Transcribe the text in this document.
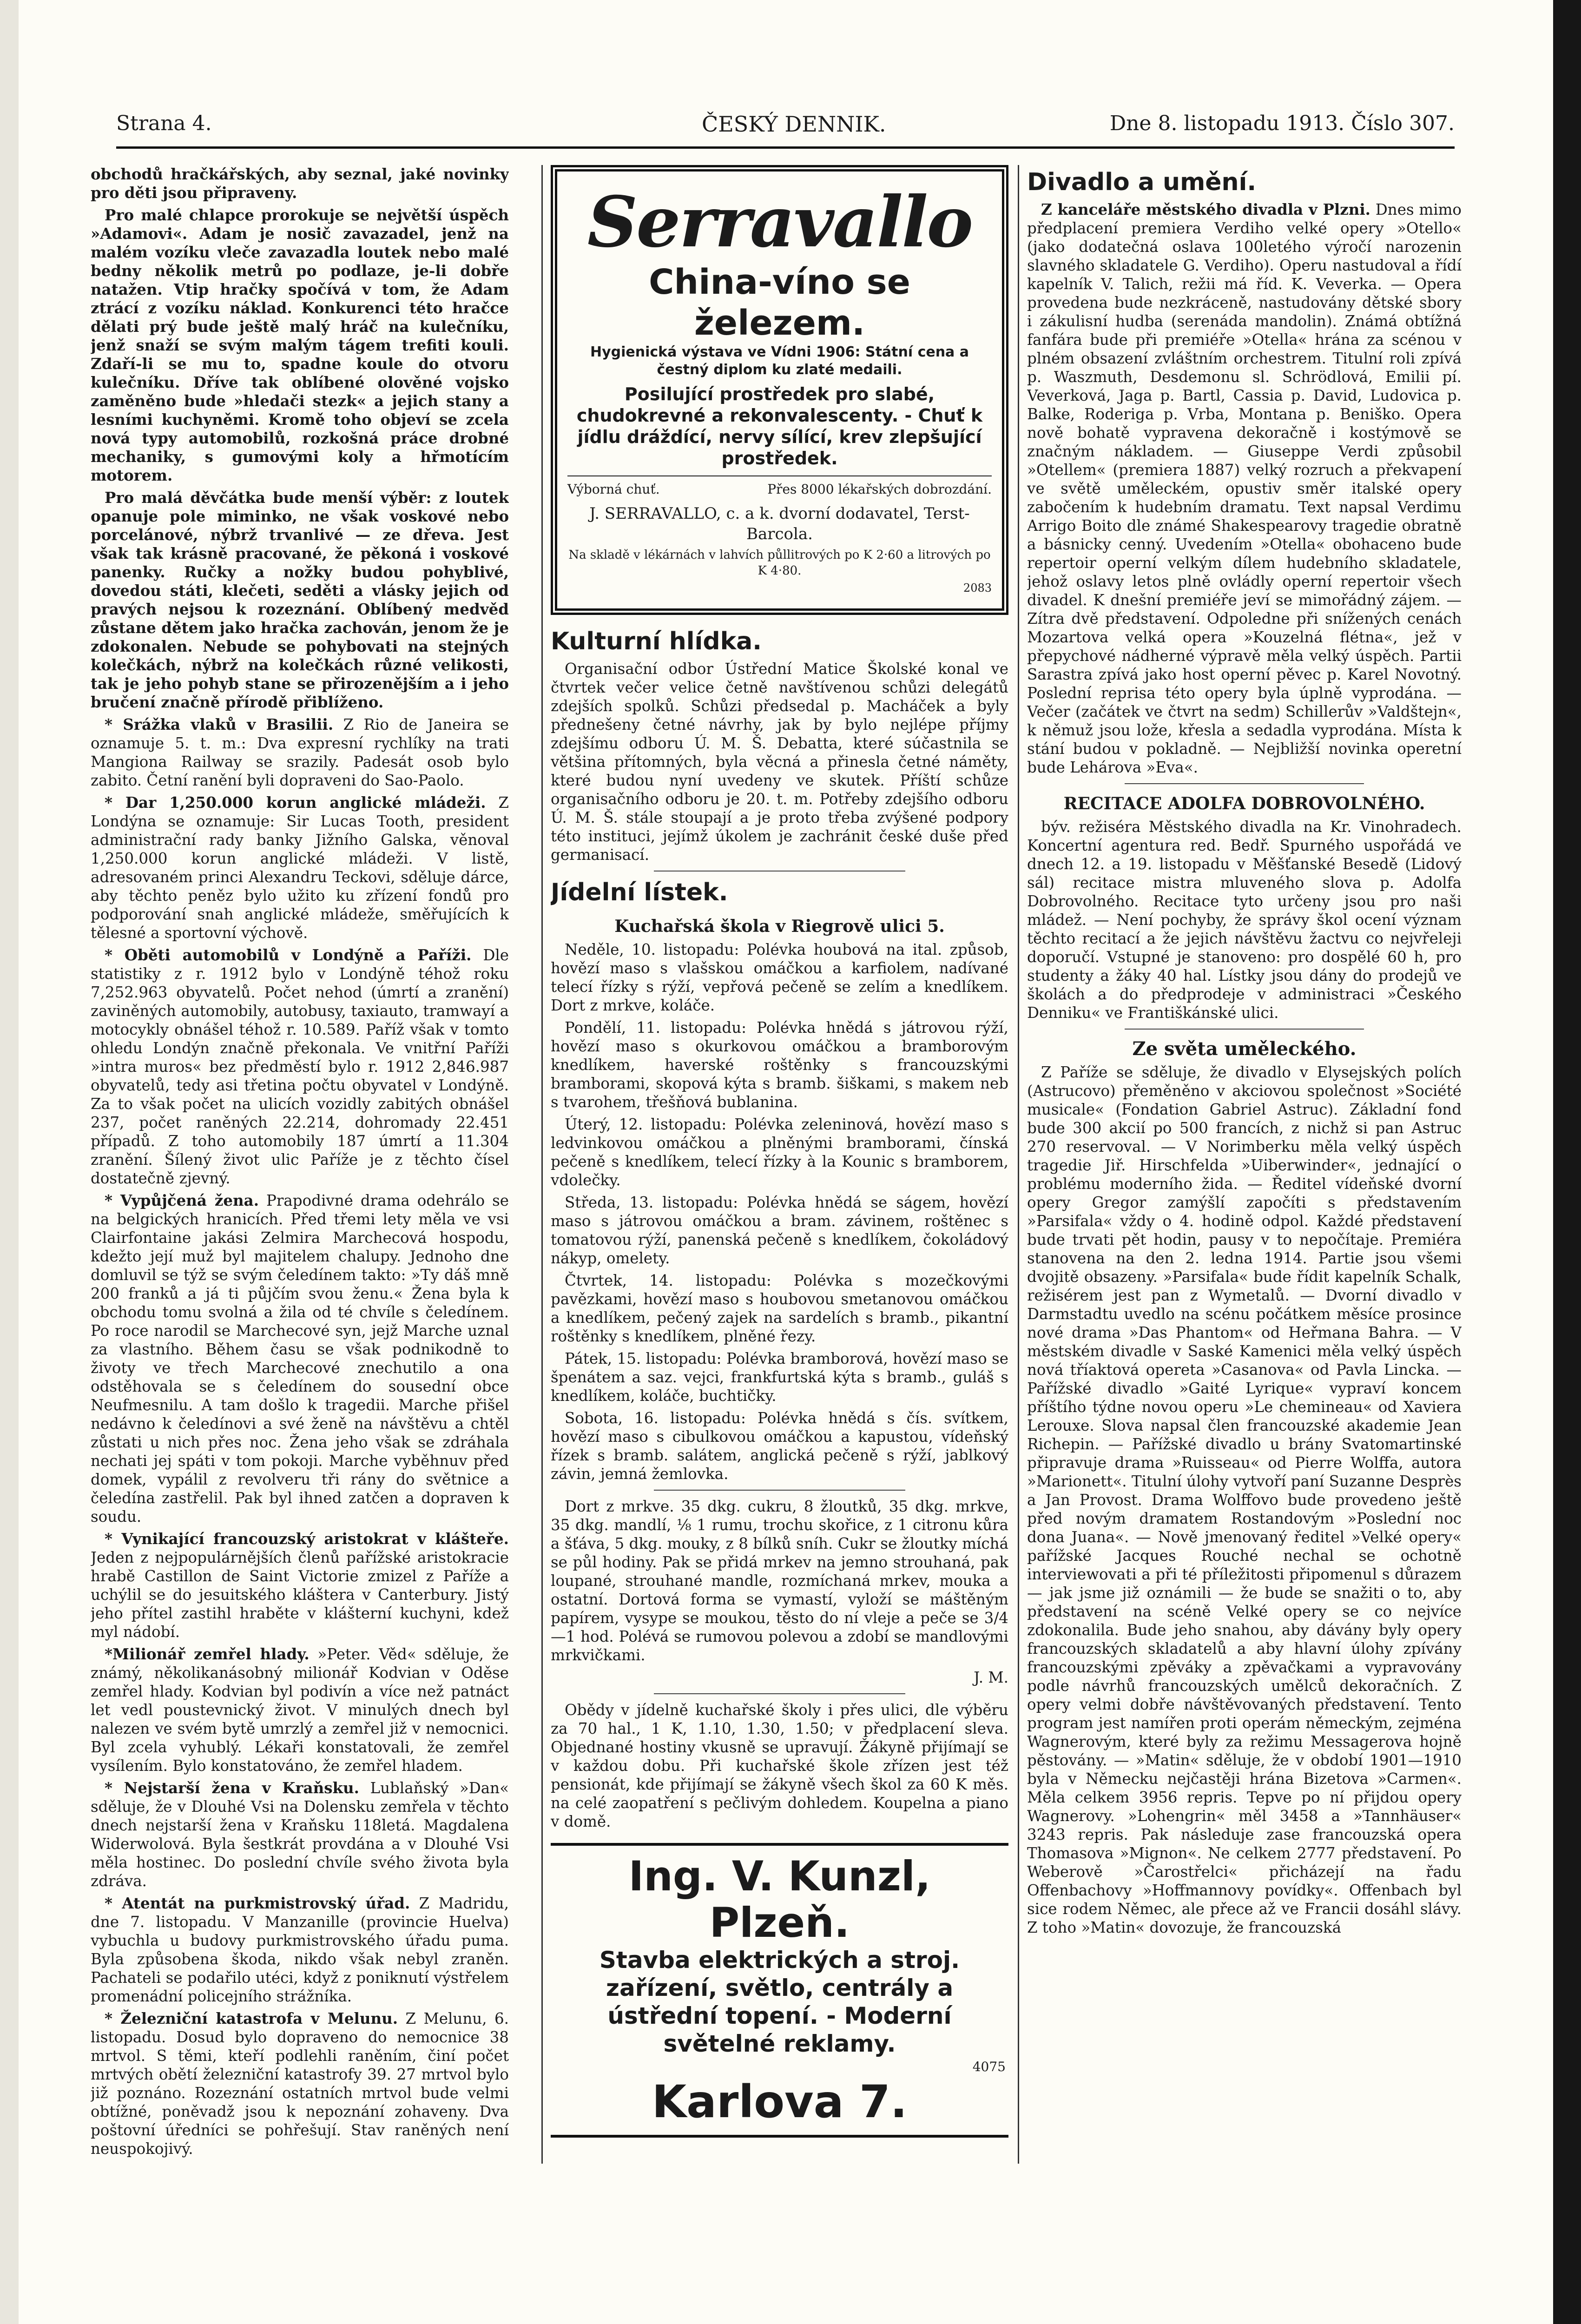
Strana 4.	ČESKÝ DENNIK.	Dne 8. listopadu 1913. Číslo 307.

obchodů hračkářských, aby seznal, jaké novinky pro děti jsou připraveny.

Pro malé chlapce prorokuje se největší úspěch »Adamovi«. Adam je nosič zavazadel, jenž na malém vozíku vleče zavazadla loutek nebo malé bedny několik metrů po podlaze, je-li dobře natažen. Vtip hračky spočívá v tom, že Adam ztrácí z vozíku náklad. Konkurenci této hračce dělati prý bude ještě malý hráč na kulečníku, jenž snaží se svým malým tágem trefiti kouli. Zdaří-li se mu to, spadne koule do otvoru kulečníku. Dříve tak oblíbené olověné vojsko zaměněno bude »hledači stezk« a jejich stany a lesními kuchyněmi. Kromě toho objeví se zcela nová typy automobilů, rozkošná práce drobné mechaniky, s gumovými koly a hřmotícím motorem.

Pro malá děvčátka bude menší výběr: z loutek opanuje pole miminko, ne však voskové nebo porcelánové, nýbrž trvanlivé — ze dřeva. Jest však tak krásně pracované, že pěkoná i voskové panenky. Ručky a nožky budou pohyblivé, dovedou státi, klečeti, seděti a vlásky jejich od pravých nejsou k rozeznání. Oblíbený medvěd zůstane dětem jako hračka zachován, jenom že je zdokonalen. Nebude se pohybovati na stejných kolečkách, nýbrž na kolečkách různé velikosti, tak je jeho pohyb stane se přirozenějším a i jeho bručení značně přírodě přiblíženo.

* Srážka vlaků v Brasilii. Z Rio de Janeira se oznamuje 5. t. m.: Dva expresní rychlíky na trati Mangiona Railway se srazily. Padesát osob bylo zabito. Četní ranění byli dopraveni do Sao-Paolo.

* Dar 1,250.000 korun anglické mládeži. Z Londýna se oznamuje: Sir Lucas Tooth, president administrační rady banky Jižního Galska, věnoval 1,250.000 korun anglické mládeži. V listě, adresovaném princi Alexandru Teckovi, sděluje dárce, aby těchto peněz bylo užito ku zřízení fondů pro podporování snah anglické mládeže, směřujících k tělesné a sportovní výchově.

* Oběti automobilů v Londýně a Paříži. Dle statistiky z r. 1912 bylo v Londýně téhož roku 7,252.963 obyvatelů. Počet nehod (úmrtí a zranění) zaviněných automobily, autobusy, taxiauto, tramwayí a motocykly obnášel téhož r. 10.589. Paříž však v tomto ohledu Londýn značně překonala. Ve vnitřní Paříži »intra muros« bez předměstí bylo r. 1912 2,846.987 obyvatelů, tedy asi třetina počtu obyvatel v Londýně. Za to však počet na ulicích vozidly zabitých obnášel 237, počet raněných 22.214, dohromady 22.451 případů. Z toho automobily 187 úmrtí a 11.304 zranění. Šílený život ulic Paříže je z těchto čísel dostatečně zjevný.

* Vypůjčená žena. Prapodivné drama odehrálo se na belgických hranicích. Před třemi lety měla ve vsi Clairfontaine jakási Zelmira Marchecová hospodu, kdežto její muž byl majitelem chalupy. Jednoho dne domluvil se týž se svým čeledínem takto: »Ty dáš mně 200 franků a já ti půjčím svou ženu.« Žena byla k obchodu tomu svolná a žila od té chvíle s čeledínem. Po roce narodil se Marchecové syn, jejž Marche uznal za vlastního. Během času se však podnikodně to životy ve třech Marchecové znechutilo a ona odstěhovala se s čeledínem do sousední obce Neufmesnilu. A tam došlo k tragedii. Marche přišel nedávno k čeledínovi a své ženě na návštěvu a chtěl zůstati u nich přes noc. Žena jeho však se zdráhala nechati jej spáti v tom pokoji. Marche vyběhnuv před domek, vypálil z revolveru tři rány do světnice a čeledína zastřelil. Pak byl ihned zatčen a dopraven k soudu.

* Vynikající francouzský aristokrat v klášteře. Jeden z nejpopulárnějších členů pařížské aristokracie hrabě Castillon de Saint Victorie zmizel z Paříže a uchýlil se do jesuitského kláštera v Canterbury. Jistý jeho přítel zastihl hraběte v klášterní kuchyni, kdež myl nádobí.

*Milionář zemřel hlady. »Peter. Věd« sděluje, že známý, několikanásobný milionář Kodvian v Oděse zemřel hlady. Kodvian byl podivín a více než patnáct let vedl poustevnický život. V minulých dnech byl nalezen ve svém bytě umrzlý a zemřel již v nemocnici. Byl zcela vyhublý. Lékaři konstatovali, že zemřel vysílením. Bylo konstatováno, že zemřel hladem.

* Nejstarší žena v Kraňsku. Lublaňský »Dan« sděluje, že v Dlouhé Vsi na Dolensku zemřela v těchto dnech nejstarší žena v Kraňsku 118letá. Magdalena Widerwolová. Byla šestkrát provdána a v Dlouhé Vsi měla hostinec. Do poslední chvíle svého života byla zdráva.

* Atentát na purkmistrovský úřad. Z Madridu, dne 7. listopadu. V Manzanille (provincie Huelva) vybuchla u budovy purkmistrovského úřadu puma. Byla způsobena škoda, nikdo však nebyl zraněn. Pachateli se podařilo utéci, když z poniknutí výstřelem promenádní policejního strážníka.

* Železniční katastrofa v Melunu. Z Melunu, 6. listopadu. Dosud bylo dopraveno do nemocnice 38 mrtvol. S těmi, kteří podlehli raněním, činí počet mrtvých obětí železniční katastrofy 39. 27 mrtvol bylo již poznáno. Rozeznání ostatních mrtvol bude velmi obtížné, poněvadž jsou k nepoznání zohaveny. Dva poštovní úředníci se pohřešují. Stav raněných není neuspokojivý.

Serravallo
China-víno se železem.
Hygienická výstava ve Vídni 1906: Státní cena a čestný diplom ku zlaté medaili.
Posilující prostředek pro slabé, chudokrevné a rekonvalescenty. - Chuť k jídlu dráždící, nervy sílící, krev zlepšující prostředek.
Výborná chuť.	Přes 8000 lékařských dobrozdání.
J. SERRAVALLO, c. a k. dvorní dodavatel, Terst-Barcola.
Na skladě v lékárnách v lahvích půllitrových po K 2·60 a litrových po K 4·80.
2083
Kulturní hlídka.

Organisační odbor Ústřední Matice Školské konal ve čtvrtek večer velice četně navštívenou schůzi delegátů zdejších spolků. Schůzi předsedal p. Macháček a byly přednešeny četné návrhy, jak by bylo nejlépe příjmy zdejšímu odboru Ú. M. Š. Debatta, které súčastnila se většina přítomných, byla věcná a přinesla četné náměty, které budou nyní uvedeny ve skutek. Příští schůze organisačního odboru je 20. t. m. Potřeby zdejšího odboru Ú. M. Š. stále stoupají a je proto třeba zvýšené podpory této instituci, jejímž úkolem je zachránit české duše před germanisací.

Jídelní lístek.

Kuchařská škola v Riegrově ulici 5.

Neděle, 10. listopadu: Polévka houbová na ital. způsob, hovězí maso s vlašskou omáčkou a karfiolem, nadívané telecí řízky s rýží, vepřová pečeně se zelím a knedlíkem. Dort z mrkve, koláče.

Pondělí, 11. listopadu: Polévka hnědá s játrovou rýží, hovězí maso s okurkovou omáčkou a bramborovým knedlíkem, haverské roštěnky s francouzskými bramborami, skopová kýta s bramb. šiškami, s makem neb s tvarohem, třešňová bublanina.

Úterý, 12. listopadu: Polévka zeleninová, hovězí maso s ledvinkovou omáčkou a plněnými bramborami, čínská pečeně s knedlíkem, telecí řízky à la Kounic s bramborem, vdolečky.

Středa, 13. listopadu: Polévka hnědá se ságem, hovězí maso s játrovou omáčkou a bram. závinem, roštěnec s tomatovou rýží, panenská pečeně s knedlíkem, čokoládový nákyp, omelety.

Čtvrtek, 14. listopadu: Polévka s mozečkovými pavězkami, hovězí maso s houbovou smetanovou omáčkou a knedlíkem, pečený zajek na sardelích s bramb., pikantní roštěnky s knedlíkem, plněné řezy.

Pátek, 15. listopadu: Polévka bramborová, hovězí maso se špenátem a saz. vejci, frankfurtská kýta s bramb., guláš s knedlíkem, koláče, buchtičky.

Sobota, 16. listopadu: Polévka hnědá s čís. svítkem, hovězí maso s cibulkovou omáčkou a kapustou, vídeňský řízek s bramb. salátem, anglická pečeně s rýží, jablkový závin, jemná žemlovka.

Dort z mrkve. 35 dkg. cukru, 8 žloutků, 35 dkg. mrkve, 35 dkg. mandlí, ⅛ 1 rumu, trochu skořice, z 1 citronu kůra a šťáva, 5 dkg. mouky, z 8 bílků sníh. Cukr se žloutky míchá se půl hodiny. Pak se přidá mrkev na jemno strouhaná, pak loupané, strouhané mandle, rozmíchaná mrkev, mouka a ostatní. Dortová forma se vymastí, vyloží se máštěným papírem, vysype se moukou, těsto do ní vleje a peče se 3/4—1 hod. Polévá se rumovou polevou a zdobí se mandlovými mrkvičkami.

J. M.

Obědy v jídelně kuchařské školy i přes ulici, dle výběru za 70 hal., 1 K, 1.10, 1.30, 1.50; v předplacení sleva. Objednané hostiny vkusně se upravují. Žákyně přijímají se v každou dobu. Při kuchařské škole zřízen jest též pensionát, kde přijímají se žákyně všech škol za 60 K měs. na celé zaopatření s pečlivým dohledem. Koupelna a piano v domě.

Ing. V. Kunzl, Plzeň.
Stavba elektrických a stroj. zařízení, světlo, centrály a ústřední topení. - Moderní světelné reklamy.
4075
Karlova 7.
Divadlo a umění.

Z kanceláře městského divadla v Plzni. Dnes mimo předplacení premiera Verdiho velké opery »Otello« (jako dodatečná oslava 100letého výročí narozenin slavného skladatele G. Verdiho). Operu nastudoval a řídí kapelník V. Talich, režii má říd. K. Veverka. — Opera provedena bude nezkráceně, nastudovány dětské sbory i zákulisní hudba (serenáda mandolin). Známá obtížná fanfára bude při premiéře »Otella« hrána za scénou v plném obsazení zvláštním orchestrem. Titulní roli zpívá p. Waszmuth, Desdemonu sl. Schrödlová, Emilii pí. Veverková, Jaga p. Bartl, Cassia p. David, Ludovica p. Balke, Roderiga p. Vrba, Montana p. Beniško. Opera nově bohatě vypravena dekoračně i kostýmově se značným nákladem. — Giuseppe Verdi způsobil »Otellem« (premiera 1887) velký rozruch a překvapení ve světě uměleckém, opustiv směr italské opery zabočením k hudebním dramatu. Text napsal Verdimu Arrigo Boito dle známé Shakespearovy tragedie obratně a básnicky cenný. Uvedením »Otella« obohaceno bude repertoir operní velkým dílem hudebního skladatele, jehož oslavy letos plně ovládly operní repertoir všech divadel. K dnešní premiéře jeví se mimořádný zájem. — Zítra dvě představení. Odpoledne při snížených cenách Mozartova velká opera »Kouzelná flétna«, jež v přepychové nádherné výpravě měla velký úspěch. Partii Sarastra zpívá jako host operní pěvec p. Karel Novotný. Poslední reprisa této opery byla úplně vyprodána. — Večer (začátek ve čtvrt na sedm) Schillerův »Valdštejn«, k němuž jsou lože, křesla a sedadla vyprodána. Místa k stání budou v pokladně. — Nejbližší novinka operetní bude Lehárova »Eva«.

RECITACE ADOLFA DOBROVOLNÉHO.

býv. režiséra Městského divadla na Kr. Vinohradech. Koncertní agentura red. Bedř. Spurného uspořádá ve dnech 12. a 19. listopadu v Měšťanské Besedě (Lidový sál) recitace mistra mluveného slova p. Adolfa Dobrovolného. Recitace tyto určeny jsou pro naši mládež. — Není pochyby, že správy škol ocení význam těchto recitací a že jejich návštěvu žactvu co nejvřeleji doporučí. Vstupné je stanoveno: pro dospělé 60 h, pro studenty a žáky 40 hal. Lístky jsou dány do prodejů ve školách a do předprodeje v administraci »Českého Denniku« ve Františkánské ulici.

Ze světa uměleckého.

Z Paříže se sděluje, že divadlo v Elysejských polích (Astrucovo) přeměněno v akciovou společnost »Société musicale« (Fondation Gabriel Astruc). Základní fond bude 300 akcií po 500 francích, z nichž si pan Astruc 270 reservoval. — V Norimberku měla velký úspěch tragedie Jiř. Hirschfelda »Uiberwinder«, jednající o problému moderního žida. — Ředitel vídeňské dvorní opery Gregor zamýšlí započíti s představením »Parsifala« vždy o 4. hodině odpol. Každé představení bude trvati pět hodin, pausy v to nepočítaje. Premiéra stanovena na den 2. ledna 1914. Partie jsou všemi dvojitě obsazeny. »Parsifala« bude řídit kapelník Schalk, režisérem jest pan z Wymetalů. — Dvorní divadlo v Darmstadtu uvedlo na scénu počátkem měsíce prosince nové drama »Das Phantom« od Heřmana Bahra. — V městském divadle v Saské Kamenici měla velký úspěch nová tříaktová opereta »Casanova« od Pavla Lincka. — Pařížské divadlo »Gaité Lyrique« vypraví koncem příštího týdne novou operu »Le chemineau« od Xaviera Lerouxe. Slova napsal člen francouzské akademie Jean Richepin. — Pařížské divadlo u brány Svatomartinské připravuje drama »Ruisseau« od Pierre Wolffa, autora »Marionett«. Titulní úlohy vytvoří paní Suzanne Desprès a Jan Provost. Drama Wolffovo bude provedeno ještě před novým dramatem Rostandovým »Poslední noc dona Juana«. — Nově jmenovaný ředitel »Velké opery« pařížské Jacques Rouché nechal se ochotně interviewovati a při té příležitosti připomenul s důrazem — jak jsme již oznámili — že bude se snažiti o to, aby představení na scéně Velké opery se co nejvíce zdokonalila. Bude jeho snahou, aby dávány byly opery francouzských skladatelů a aby hlavní úlohy zpívány francouzskými zpěváky a zpěvačkami a vypravovány podle návrhů francouzských umělců dekoračních. Z opery velmi dobře návštěvovaných představení. Tento program jest namířen proti operám německým, zejména Wagnerovým, které byly za režimu Messagerova hojně pěstovány. — »Matin« sděluje, že v období 1901—1910 byla v Německu nejčastěji hrána Bizetova »Carmen«. Měla celkem 3956 repris. Tepve po ní přijdou opery Wagnerovy. »Lohengrin« měl 3458 a »Tannhäuser« 3243 repris. Pak následuje zase francouzská opera Thomasova »Mignon«. Ne celkem 2777 představení. Po Weberově »Čarostřelci« přicházejí na řadu Offenbachovy »Hoffmannovy povídky«. Offenbach byl sice rodem Němec, ale přece až ve Francii dosáhl slávy. Z toho »Matin« dovozuje, že francouzská
